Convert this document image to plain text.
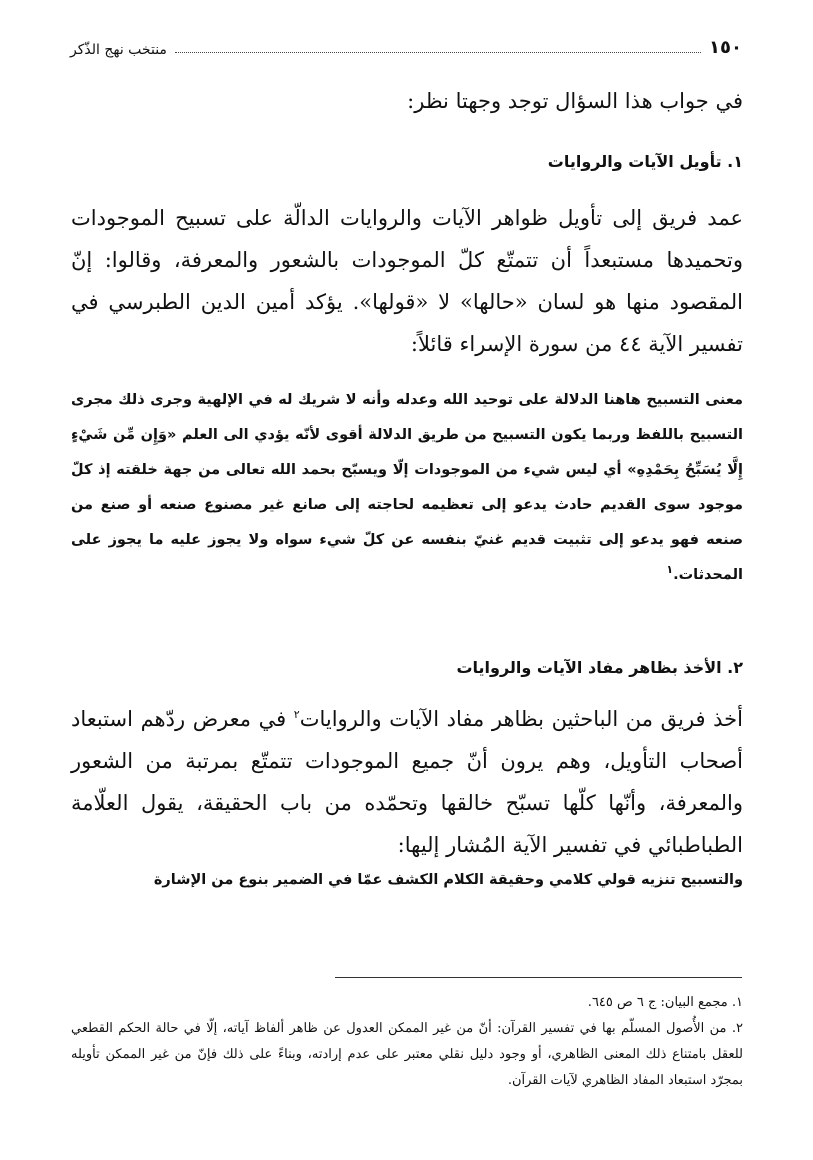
١٥٠
منتخب نهج الذّكر

في جواب هذا السؤال توجد وجهتا نظر:

١. تأويل الآيات والروايات

عمد فريق إلى تأويل ظواهر الآيات والروايات الدالّة على تسبيح الموجودات وتحميدها مستبعداً أن تتمتّع كلّ الموجودات بالشعور والمعرفة، وقالوا: إنّ المقصود منها هو لسان «حالها» لا «قولها». يؤكد أمين الدين الطبرسي في تفسير الآية ٤٤ من سورة الإسراء قائلاً:

معنى التسبيح هاهنا الدلالة على توحيد الله وعدله وأنه لا شريك له في الإلهية وجرى ذلك مجرى التسبيح باللفظ وربما يكون التسبيح من طريق الدلالة أقوى لأنّه يؤدي الى العلم «وَإِن مِّن شَيْءٍ إِلَّا يُسَبِّحُ بِحَمْدِهِ» أي ليس شيء من الموجودات إلّا ويسبّح بحمد الله تعالى من جهة خلقته إذ كلّ موجود سوى القديم حادث يدعو إلى تعظيمه لحاجته إلى صانع غير مصنوع صنعه أو صنع من صنعه فهو يدعو إلى تثبيت قديم غنيّ بنفسه عن كلّ شيء سواه ولا يجوز عليه ما يجوز على المحدثات.$^١$

٢. الأخذ بظاهر مفاد الآيات والروايات

أخذ فريق من الباحثين بظاهر مفاد الآيات والروايات$^٢$ في معرض ردّهم استبعاد أصحاب التأويل، وهم يرون أنّ جميع الموجودات تتمتّع بمرتبة من الشعور والمعرفة، وأنّها كلّها تسبّح خالقها وتحمّده من باب الحقيقة، يقول العلّامة الطباطبائي في تفسير الآية المُشار إليها:

والتسبيح تنزيه قولي كلامي وحقيقة الكلام الكشف عمّا في الضمير بنوع من الإشارة

١. مجمع البيان: ج ٦ ص ٦٤٥.
٢. من الأُصول المسلّم بها في تفسير القرآن: أنّ من غير الممكن العدول عن ظاهر ألفاظ آياته، إلّا في حالة الحكم القطعي للعقل بامتناع ذلك المعنى الظاهري، أو وجود دليل نقلي معتبر على عدم إرادته، وبناءً على ذلك فإنّ من غير الممكن تأويله بمجرّد استبعاد المفاد الظاهري لآيات القرآن.
